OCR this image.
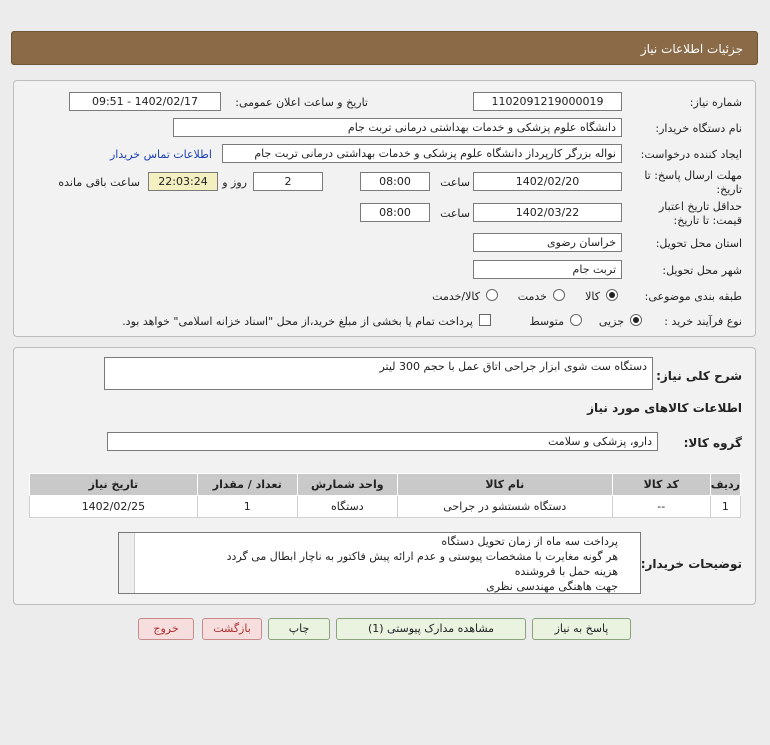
جزئیات اطلاعات نیاز
شماره نیاز:
1102091219000019
تاریخ و ساعت اعلان عمومی:
1402/02/17 - 09:51
نام دستگاه خریدار:
دانشگاه علوم پزشکی و خدمات بهداشتی درمانی تربت جام
ایجاد کننده درخواست:
نواله بزرگر کارپرداز دانشگاه علوم پزشکی و خدمات بهداشتی درمانی تربت جام
اطلاعات تماس خریدار
مهلت ارسال پاسخ: تا
تاریخ:
1402/02/20
ساعت
08:00
2
روز و
22:03:24
ساعت باقی مانده
حداقل تاریخ اعتبار
قیمت: تا تاریخ:
1402/03/22
ساعت
08:00
استان محل تحویل:
خراسان رضوی
شهر محل تحویل:
تربت جام
طبقه بندی موضوعی:
کالا
خدمت
کالا/خدمت
نوع فرآیند خرید :
جزیی
متوسط
پرداخت تمام یا بخشی از مبلغ خرید،از محل "اسناد خزانه اسلامی" خواهد بود.
شرح کلی نیاز:
دستگاه ست شوی ابزار جراحی اتاق عمل با حجم 300 لیتر
اطلاعات کالاهای مورد نیاز
گروه کالا:
دارو، پزشکی و سلامت
ردیف	کد کالا	نام کالا	واحد شمارش	تعداد / مقدار	تاریخ نیاز
1	--	دستگاه شستشو در جراحی	دستگاه	1	1402/02/25
توضیحات خریدار:
پرداخت سه ماه از زمان تحویل دستگاه
هر گونه مغایرت با مشخصات پیوستی و عدم ارائه پیش فاکتور به ناچار ابطال می گردد
هزینه حمل با فروشنده
جهت هاهنگی مهندسی نظری
پاسخ به نیاز
مشاهده مدارک پیوستی (1)
چاپ
بازگشت
خروج
